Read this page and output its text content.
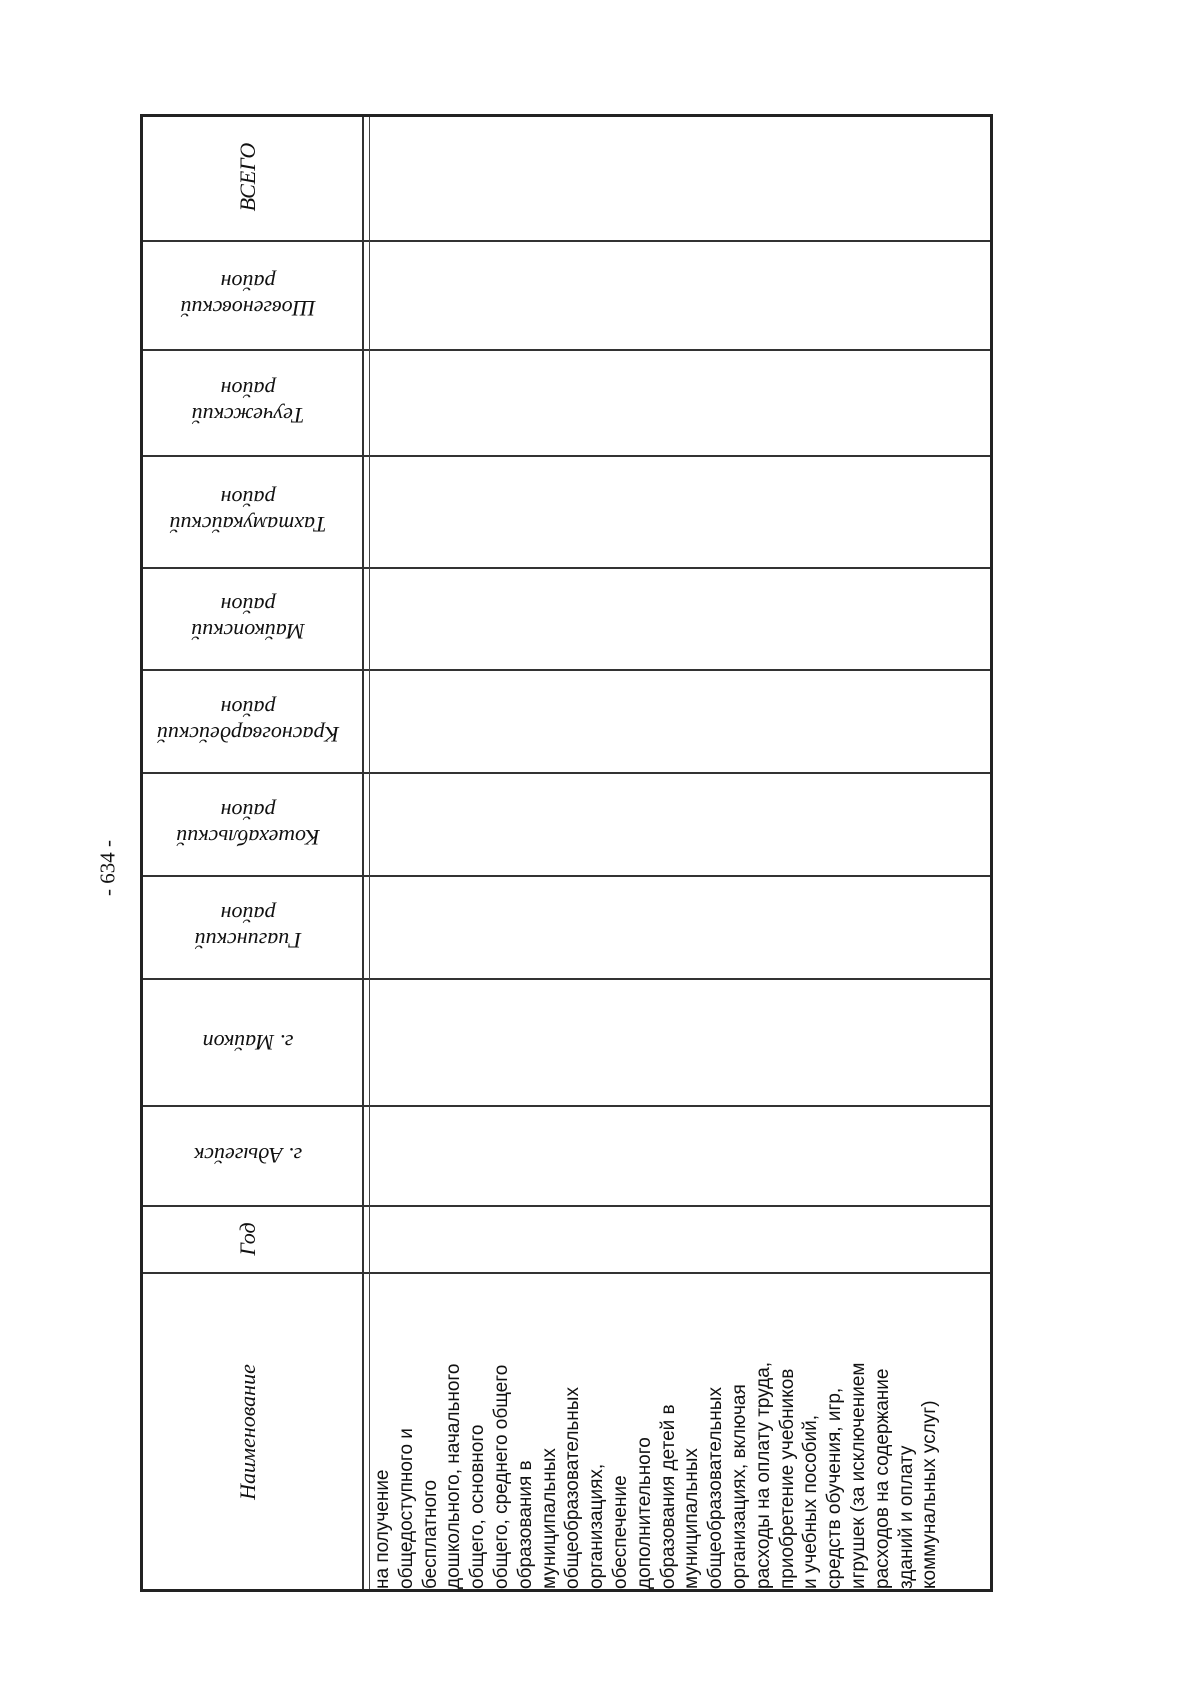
- 634 -
ВСЕГО
Шовгеновский
район
Теучежский
район
Тахтамукайский
район
Майкопский
район
Красногвардейский
район
Кошехабльский
район
Гиагинский
район
г. Майкоп
г. Адыгейск
Год
Наименование
на получение
общедоступного и
бесплатного
дошкольного, начального
общего, основного
общего, среднего общего
образования в
муниципальных
общеобразовательных
организациях,
обеспечение
дополнительного
образования детей в
муниципальных
общеобразовательных
организациях, включая
расходы на оплату труда,
приобретение учебников
и учебных пособий,
средств обучения, игр,
игрушек (за исключением
расходов на содержание
зданий и оплату
коммунальных услуг)
